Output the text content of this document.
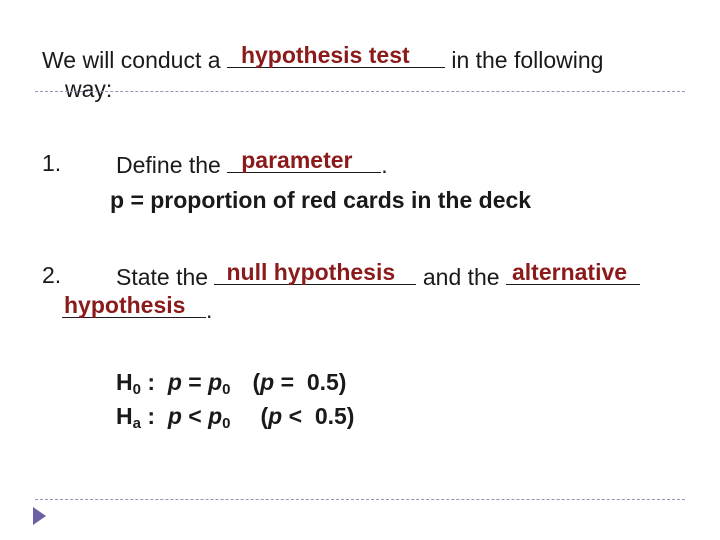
We will conduct a hypothesis test in the following
way:
1. Define the parameter .
p = proportion of red cards in the deck
2. State the null hypothesis and the alternative
hypothesis .
$H_0$ :  $p = p_0$ (p =  0.5)
$H_a$ :  $p < p_0$ (p <  0.5)
